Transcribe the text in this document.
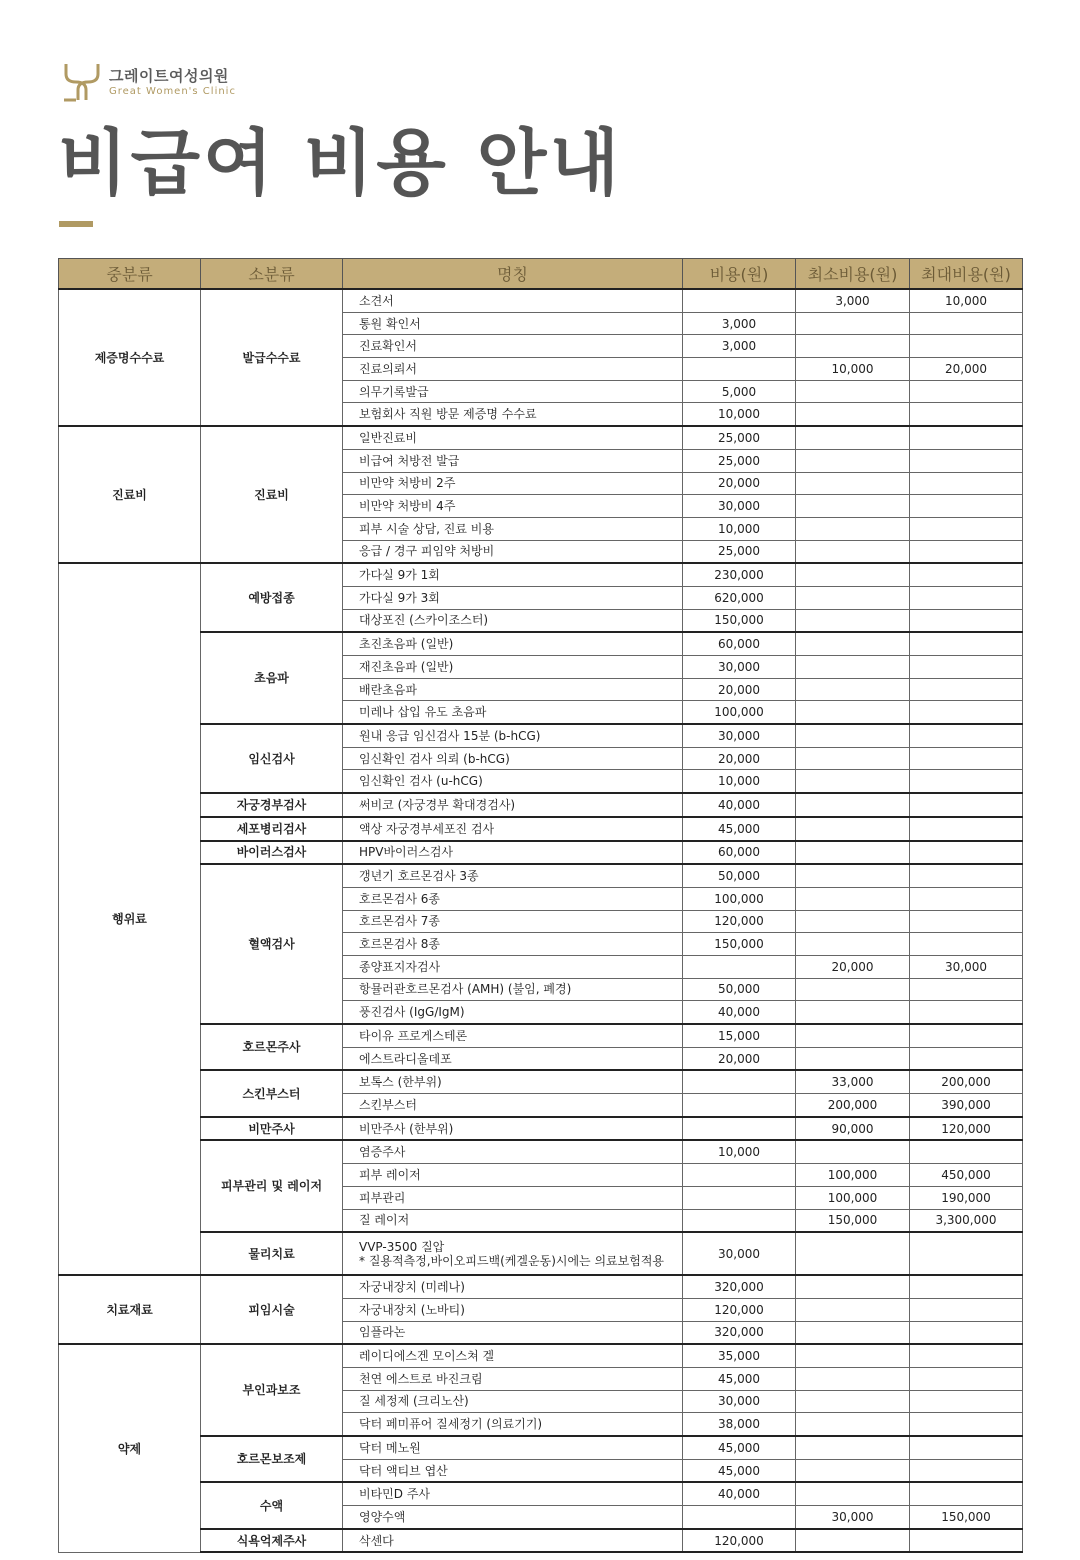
그레이트여성의원
Great Women's Clinic
비급여 비용 안내
중분류	소분류	명칭	비용(원)	최소비용(원)	최대비용(원)
제증명수수료	발급수수료	소견서		3,000	10,000
		통원 확인서	3,000		
		진료확인서	3,000		
		진료의뢰서		10,000	20,000
		의무기록발급	5,000		
		보험회사 직원 방문 제증명 수수료	10,000		
진료비	진료비	일반진료비	25,000		
		비급여 처방전 발급	25,000		
		비만약 처방비 2주	20,000		
		비만약 처방비 4주	30,000		
		피부 시술 상담, 진료 비용	10,000		
		응급 / 경구 피임약 처방비	25,000		
행위료	예방접종	가다실 9가 1회	230,000		
		가다실 9가 3회	620,000		
		대상포진 (스카이조스터)	150,000		
	초음파	초진초음파 (일반)	60,000		
		재진초음파 (일반)	30,000		
		배란초음파	20,000		
		미레나 삽입 유도 초음파	100,000		
	임신검사	원내 응급 임신검사 15분 (b-hCG)	30,000		
		임신확인 검사 의뢰 (b-hCG)	20,000		
		임신확인 검사 (u-hCG)	10,000		
	자궁경부검사	써비코 (자궁경부 확대경검사)	40,000		
	세포병리검사	액상 자궁경부세포진 검사	45,000		
	바이러스검사	HPV바이러스검사	60,000		
	혈액검사	갱년기 호르몬검사 3종	50,000		
		호르몬검사 6종	100,000		
		호르몬검사 7종	120,000		
		호르몬검사 8종	150,000		
		종양표지자검사		20,000	30,000
		항뮬러관호르몬검사 (AMH) (불임, 폐경)	50,000		
		풍진검사 (IgG/IgM)	40,000		
	호르몬주사	타이유 프로게스테론	15,000		
		에스트라디올데포	20,000		
	스킨부스터	보톡스 (한부위)		33,000	200,000
		스킨부스터		200,000	390,000
	비만주사	비만주사 (한부위)		90,000	120,000
	피부관리 및 레이저	염증주사	10,000		
		피부 레이저		100,000	450,000
		피부관리		100,000	190,000
		질 레이저		150,000	3,300,000
	물리치료	VVP-3500 질압
* 질용적측정,바이오피드백(케겔운동)시에는 의료보험적용	30,000		
치료재료	피임시술	자궁내장치 (미레나)	320,000		
		자궁내장치 (노바티)	120,000		
		임플라논	320,000		
약제	부인과보조	레이디에스겐 모이스쳐 겔	35,000		
		천연 에스트로 바진크림	45,000		
		질 세정제 (크리노산)	30,000		
		닥터 페미퓨어 질세정기 (의료기기)	38,000		
	호르몬보조제	닥터 메노원	45,000		
		닥터 액티브 엽산	45,000		
	수액	비타민D 주사	40,000		
		영양수액		30,000	150,000
	식욕억제주사	삭센다	120,000		
